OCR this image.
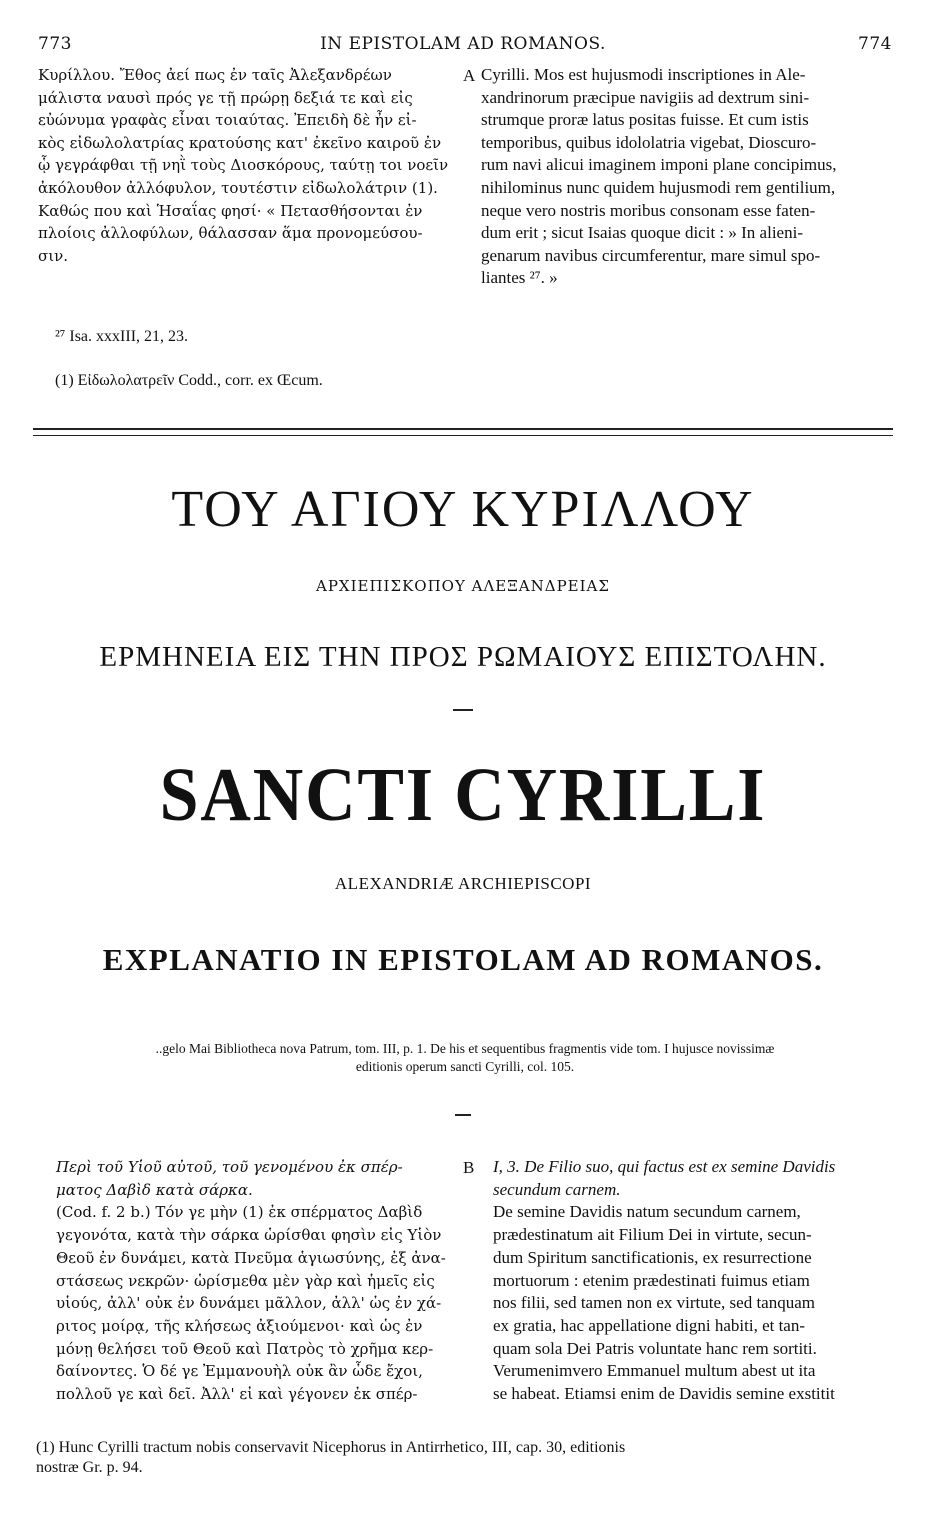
773	IN EPISTOLAM AD ROMANOS.	774
Κυρίλλου. Ἔθος ἀεί πως ἐν ταῖς Ἀλεξανδρέων
μάλιστα ναυσὶ πρός γε τῇ πρώρῃ δεξιά τε καὶ εἰς
εὐώνυμα γραφὰς εἶναι τοιαύτας. Ἐπειδὴ δὲ ἦν εἰ-
κὸς εἰδωλολατρίας κρατούσης κατ' ἐκεῖνο καιροῦ ἐν
ᾧ γεγράφθαι τῇ νηῒ τοὺς Διοσκόρους, ταύτῃ τοι νοεῖν
ἀκόλουθον ἀλλόφυλον, τουτέστιν εἰδωλολάτριν (1).
Καθώς που καὶ Ἡσαΐας φησί· « Πετασθήσονται ἐν
πλοίοις ἀλλοφύλων, θάλασσαν ἅμα προνομεύσου-
σιν.
A Cyrilli. Mos est hujusmodi inscriptiones in Ale-
xandrinorum præcipue navigiis ad dextrum sini-
strumque proræ latus positas fuisse. Et cum istis
temporibus, quibus idololatria vigebat, Dioscuro-
rum navi alicui imaginem imponi plane concipimus,
nihilominus nunc quidem hujusmodi rem gentilium,
neque vero nostris moribus consonam esse faten-
dum erit ; sicut Isaias quoque dicit : » In alieni-
genarum navibus circumferentur, mare simul spo-
liantes ²⁷. »
²⁷ Isa. xxxIII, 21, 23.
(1) Εἰδωλολατρεῖν Codd., corr. ex Œcum.
ΤΟΥ ΑΓΙΟΥ ΚΥΡΙΛΛΟΥ
ΑΡΧΙΕΠΙΣΚΟΠΟΥ ΑΛΕΞΑΝΔΡΕΙΑΣ
ΕΡΜΗΝΕΙΑ ΕΙΣ ΤΗΝ ΠΡΟΣ ΡΩΜΑΙΟΥΣ ΕΠΙΣΤΟΛΗΝ.
SANCTI CYRILLI
ALEXANDRIÆ ARCHIEPISCOPI
EXPLANATIO IN EPISTOLAM AD ROMANOS.
..gelo Mai Bibliotheca nova Patrum, tom. III, p. 1. De his et sequentibus fragmentis vide tom. I hujusce novissimæ
editionis operum sancti Cyrilli, col. 105.
Περὶ τοῦ Υἱοῦ αὐτοῦ, τοῦ γενομένου ἐκ σπέρ-
ματος Δαβὶδ κατὰ σάρκα.
(Cod. f. 2 b.) Τόν γε μὴν (1) ἐκ σπέρματος Δαβὶδ
γεγονότα, κατὰ τὴν σάρκα ὡρίσθαι φησὶν εἰς Υἱὸν
Θεοῦ ἐν δυνάμει, κατὰ Πνεῦμα ἁγιωσύνης, ἐξ ἀνα-
στάσεως νεκρῶν· ὡρίσμεθα μὲν γὰρ καὶ ἡμεῖς εἰς
υἱούς, ἀλλ' οὐκ ἐν δυνάμει μᾶλλον, ἀλλ' ὡς ἐν χά-
ριτος μοίρᾳ, τῆς κλήσεως ἀξιούμενοι· καὶ ὡς ἐν
μόνῃ θελήσει τοῦ Θεοῦ καὶ Πατρὸς τὸ χρῆμα κερ-
δαίνοντες. Ὁ δέ γε Ἐμμανουὴλ οὐκ ἂν ὧδε ἔχοι,
πολλοῦ γε καὶ δεῖ. Ἀλλ' εἰ καὶ γέγονεν ἐκ σπέρ-
B I, 3. De Filio suo, qui factus est ex semine Davidis
secundum carnem.
De semine Davidis natum secundum carnem,
prædestinatum ait Filium Dei in virtute, secun-
dum Spiritum sanctificationis, ex resurrectione
mortuorum : etenim prædestinati fuimus etiam
nos filii, sed tamen non ex virtute, sed tanquam
ex gratia, hac appellatione digni habiti, et tan-
quam sola Dei Patris voluntate hanc rem sortiti.
Verumenimvero Emmanuel multum abest ut ita
se habeat. Etiamsi enim de Davidis semine exstitit
(1) Hunc Cyrilli tractum nobis conservavit Nicephorus in Antirrhetico, III, cap. 30, editionis
nostræ Gr. p. 94.
